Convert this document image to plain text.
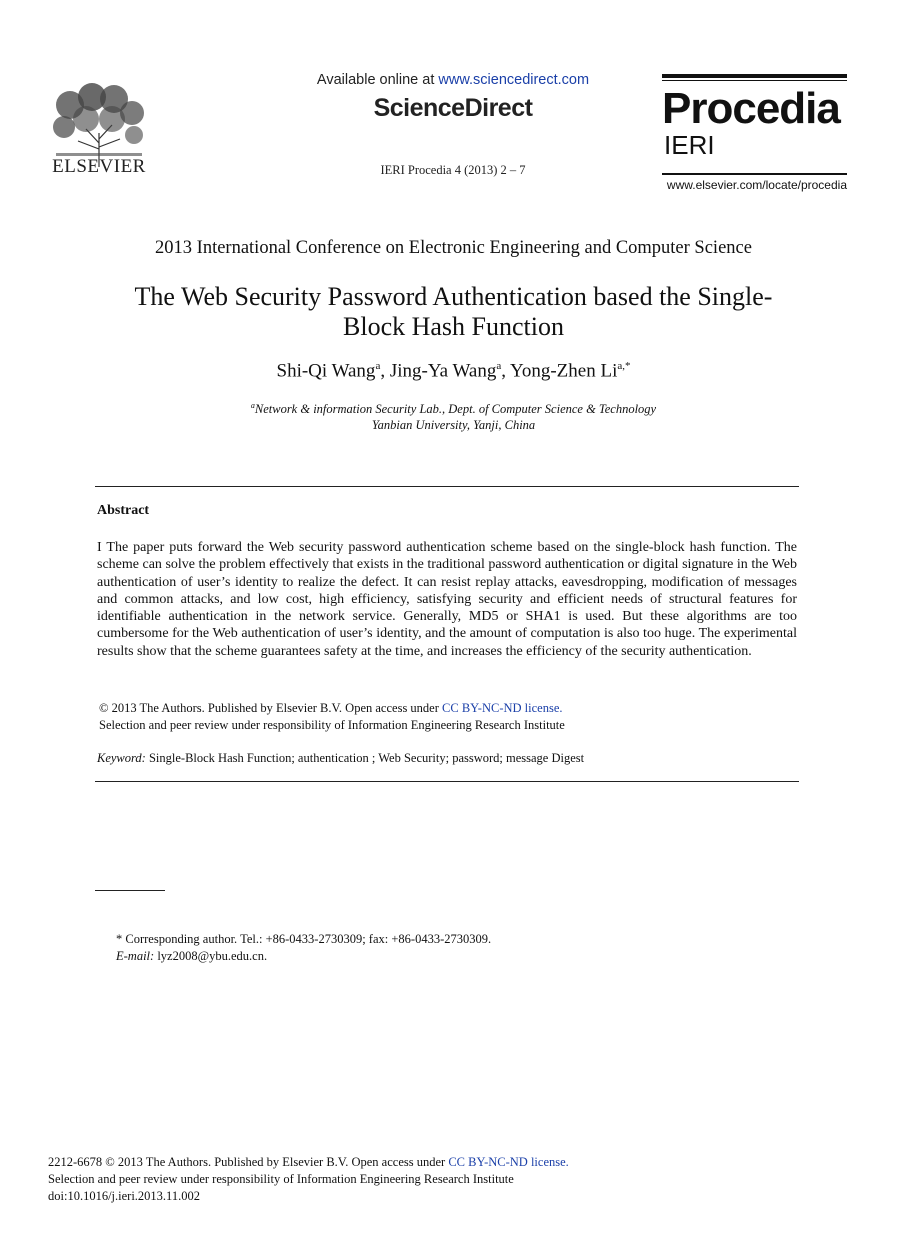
ELSEVIER
Available online at www.sciencedirect.com
ScienceDirect
IERI Procedia 4 (2013) 2 – 7
Procedia
IERI
www.elsevier.com/locate/procedia
2013 International Conference on Electronic Engineering and Computer Science
The Web Security Password Authentication based the Single-
Block Hash Function
Shi-Qi Wang$^a$, Jing-Ya Wang$^a$, Yong-Zhen $Li^{a,*}$
$^a$Network & information Security Lab., Dept. of Computer Science & Technology
Yanbian University, Yanji, China
Abstract
I The paper puts forward the Web security password authentication scheme based on the single-block hash function. The scheme can solve the problem effectively that exists in the traditional password authentication or digital signature in the Web authentication of user’s identity to realize the defect. It can resist replay attacks, eavesdropping, modification of messages and common attacks, and low cost, high efficiency, satisfying security and efficient needs of structural features for identifiable authentication in the network service. Generally, MD5 or SHA1 is used. But these algorithms are too cumbersome for the Web authentication of user’s identity, and the amount of computation is also too huge. The experimental results show that the scheme guarantees safety at the time, and increases the efficiency of the security authentication.
© 2013 The Authors. Published by Elsevier B.V. Open access under CC BY-NC-ND license.
Selection and peer review under responsibility of Information Engineering Research Institute
Keyword: Single-Block Hash Function; authentication ; Web Security; password; message Digest
* Corresponding author. Tel.: +86-0433-2730309; fax: +86-0433-2730309.
E-mail: lyz2008@ybu.edu.cn.
2212-6678 © 2013 The Authors. Published by Elsevier B.V. Open access under CC BY-NC-ND license.
Selection and peer review under responsibility of Information Engineering Research Institute
doi:10.1016/j.ieri.2013.11.002
